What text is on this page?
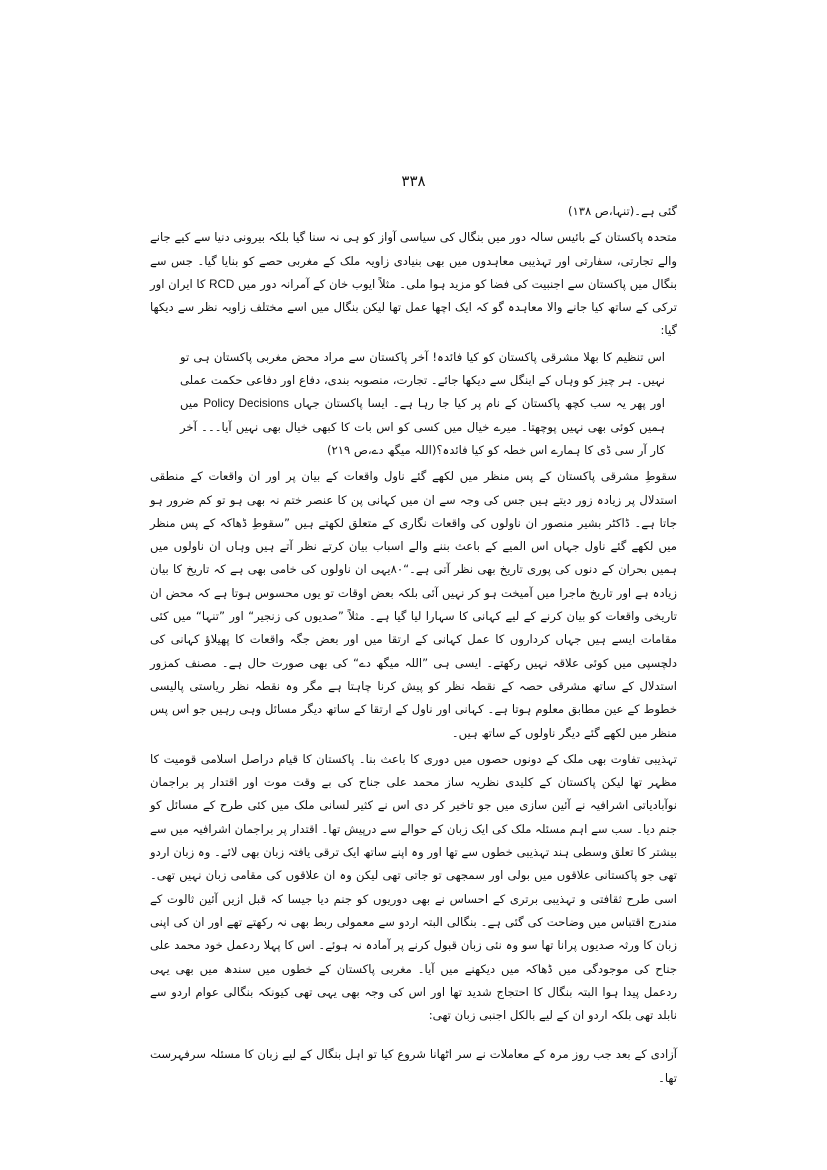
۳۳۸

گئی ہے۔(تنہا،ص ۱۳۸)

متحدہ پاکستان کے بائیس سالہ دور میں بنگال کی سیاسی آواز کو ہی نہ سنا گیا بلکہ بیرونی دنیا سے کیے جانے والے تجارتی، سفارتی اور تہذیبی معاہدوں میں بھی بنیادی زاویہ ملک کے مغربی حصے کو بنایا گیا۔ جس سے بنگال میں پاکستان سے اجنبیت کی فضا کو مزید ہوا ملی۔ مثلاً ایوب خان کے آمرانہ دور میں RCD کا ایران اور ترکی کے ساتھ کیا جانے والا معاہدہ گو کہ ایک اچھا عمل تھا لیکن بنگال میں اسے مختلف زاویہ نظر سے دیکھا گیا:

اس تنظیم کا بھلا مشرقی پاکستان کو کیا فائدہ! آخر پاکستان سے مراد محض مغربی پاکستان ہی تو نہیں۔ ہر چیز کو وہاں کے اینگل سے دیکھا جائے۔ تجارت، منصوبہ بندی، دفاع اور دفاعی حکمت عملی اور پھر یہ سب کچھ پاکستان کے نام پر کیا جا رہا ہے۔ ایسا پاکستان جہاں Policy Decisions میں ہمیں کوئی بھی نہیں پوچھتا۔ میرے خیال میں کسی کو اس بات کا کبھی خیال بھی نہیں آیا۔۔۔ آخر کار آر سی ڈی کا ہمارے اس خطہ کو کیا فائدہ؟(اللہ میگھ دے،ص ۲۱۹)

سقوطِ مشرقی پاکستان کے پس منظر میں لکھے گئے ناول واقعات کے بیان پر اور ان واقعات کے منطقی استدلال پر زیادہ زور دیتے ہیں جس کی وجہ سے ان میں کہانی پن کا عنصر ختم نہ بھی ہو تو کم ضرور ہو جاتا ہے۔ ڈاکٹر بشیر منصور ان ناولوں کی واقعات نگاری کے متعلق لکھتے ہیں ”سقوطِ ڈھاکہ کے پس منظر میں لکھے گئے ناول جہاں اس المیے کے باعث بننے والے اسباب بیان کرتے نظر آتے ہیں وہاں ان ناولوں میں ہمیں بحران کے دنوں کی پوری تاریخ بھی نظر آتی ہے۔“۸۰یہی ان ناولوں کی خامی بھی ہے کہ تاریخ کا بیان زیادہ ہے اور تاریخ ماجرا میں آمیخت ہو کر نہیں آئی بلکہ بعض اوقات تو یوں محسوس ہوتا ہے کہ محض ان تاریخی واقعات کو بیان کرنے کے لیے کہانی کا سہارا لیا گیا ہے۔ مثلاً ”صدیوں کی زنجیر“ اور ”تنہا“ میں کئی مقامات ایسے ہیں جہاں کرداروں کا عمل کہانی کے ارتقا میں اور بعض جگہ واقعات کا پھیلاؤ کہانی کی دلچسپی میں کوئی علاقہ نہیں رکھتے۔ ایسی ہی ”اللہ میگھ دے“ کی بھی صورت حال ہے۔ مصنف کمزور استدلال کے ساتھ مشرقی حصہ کے نقطہ نظر کو پیش کرنا چاہتا ہے مگر وہ نقطہ نظر ریاستی پالیسی خطوط کے عین مطابق معلوم ہوتا ہے۔ کہانی اور ناول کے ارتقا کے ساتھ دیگر مسائل وہی رہیں جو اس پس منظر میں لکھے گئے دیگر ناولوں کے ساتھ ہیں۔

تہذیبی تفاوت بھی ملک کے دونوں حصوں میں دوری کا باعث بنا۔ پاکستان کا قیام دراصل اسلامی قومیت کا مظہر تھا لیکن پاکستان کے کلیدی نظریہ ساز محمد علی جناح کی بے وقت موت اور اقتدار پر براجمان نوآبادیاتی اشرافیہ نے آئین سازی میں جو تاخیر کر دی اس نے کثیر لسانی ملک میں کئی طرح کے مسائل کو جنم دیا۔ سب سے اہم مسئلہ ملک کی ایک زبان کے حوالے سے درپیش تھا۔ اقتدار پر براجمان اشرافیہ میں سے بیشتر کا تعلق وسطی ہند تہذیبی خطوں سے تھا اور وہ اپنے ساتھ ایک ترقی یافتہ زبان بھی لائے۔ وہ زبان اردو تھی جو پاکستانی علاقوں میں بولی اور سمجھی تو جاتی تھی لیکن وہ ان علاقوں کی مقامی زبان نہیں تھی۔ اسی طرح ثقافتی و تہذیبی برتری کے احساس نے بھی دوریوں کو جنم دیا جیسا کہ قبل ازیں آئین ثالوت کے مندرج اقتباس میں وضاحت کی گئی ہے۔ بنگالی البتہ اردو سے معمولی ربط بھی نہ رکھتے تھے اور ان کی اپنی زبان کا ورثہ صدیوں پرانا تھا سو وہ نئی زبان قبول کرنے پر آمادہ نہ ہوئے۔ اس کا پہلا ردعمل خود محمد علی جناح کی موجودگی میں ڈھاکہ میں دیکھنے میں آیا۔ مغربی پاکستان کے خطوں میں سندھ میں بھی یہی ردعمل پیدا ہوا البتہ بنگال کا احتجاج شدید تھا اور اس کی وجہ بھی یہی تھی کیونکہ بنگالی عوام اردو سے نابلد تھی بلکہ اردو ان کے لیے بالکل اجنبی زبان تھی:

آزادی کے بعد جب روز مرہ کے معاملات نے سر اٹھانا شروع کیا تو اہل بنگال کے لیے زبان کا مسئلہ سرفہرست تھا۔
